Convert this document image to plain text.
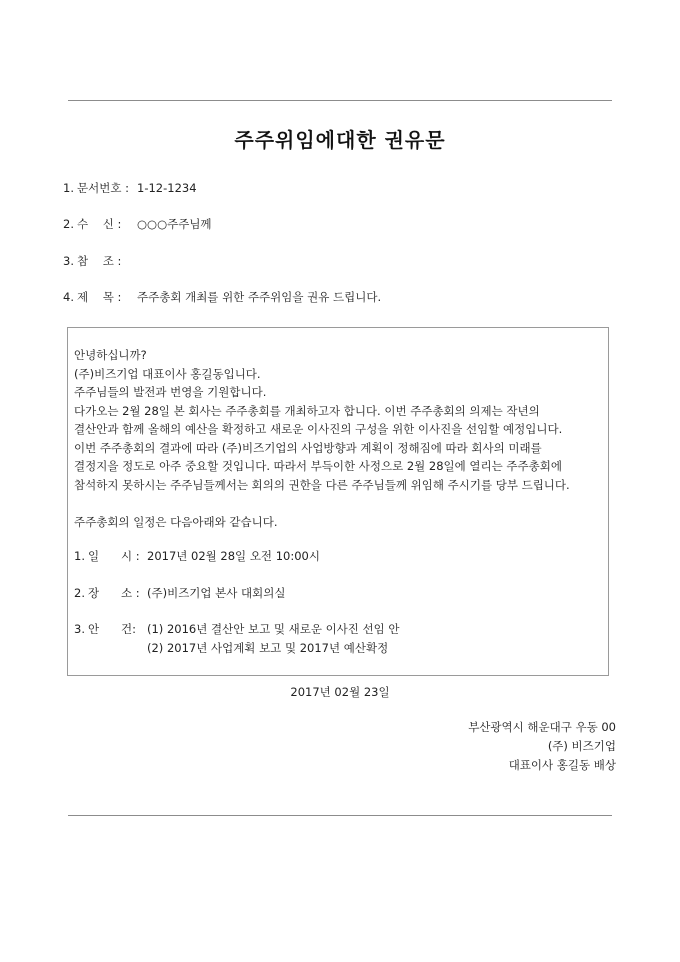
주주위임에대한 권유문
1. 문서번호 : 1-12-1234
2. 수    신 : ○○○주주님께
3. 참    조 :
4. 제    목 : 주주총회 개최를 위한 주주위임을 권유 드립니다.
안녕하십니까?
(주)비즈기업 대표이사 홍길동입니다.
주주님들의 발전과 번영을 기원합니다.
다가오는 2월 28일 본 회사는 주주총회를 개최하고자 합니다. 이번 주주총회의 의제는 작년의
결산안과 함께 올해의 예산을 확정하고 새로운 이사진의 구성을 위한 이사진을 선임할 예정입니다.
이번 주주총회의 결과에 따라 (주)비즈기업의 사업방향과 계획이 정해짐에 따라 회사의 미래를
결정지을 정도로 아주 중요할 것입니다. 따라서 부득이한 사정으로 2월 28일에 열리는 주주총회에
참석하지 못하시는 주주님들께서는 회의의 권한을 다른 주주님들께 위임해 주시기를 당부 드립니다.
주주총회의 일정은 다음아래와 같습니다.
1. 일      시 : 2017년 02월 28일 오전 10:00시
2. 장      소 : (주)비즈기업 본사 대회의실
3. 안      건: (1) 2016년 결산안 보고 및 새로운 이사진 선임 안
(2) 2017년 사업계획 보고 및 2017년 예산확정
2017년 02월 23일
부산광역시 해운대구 우동 00
(주) 비즈기업
대표이사 홍길동 배상
